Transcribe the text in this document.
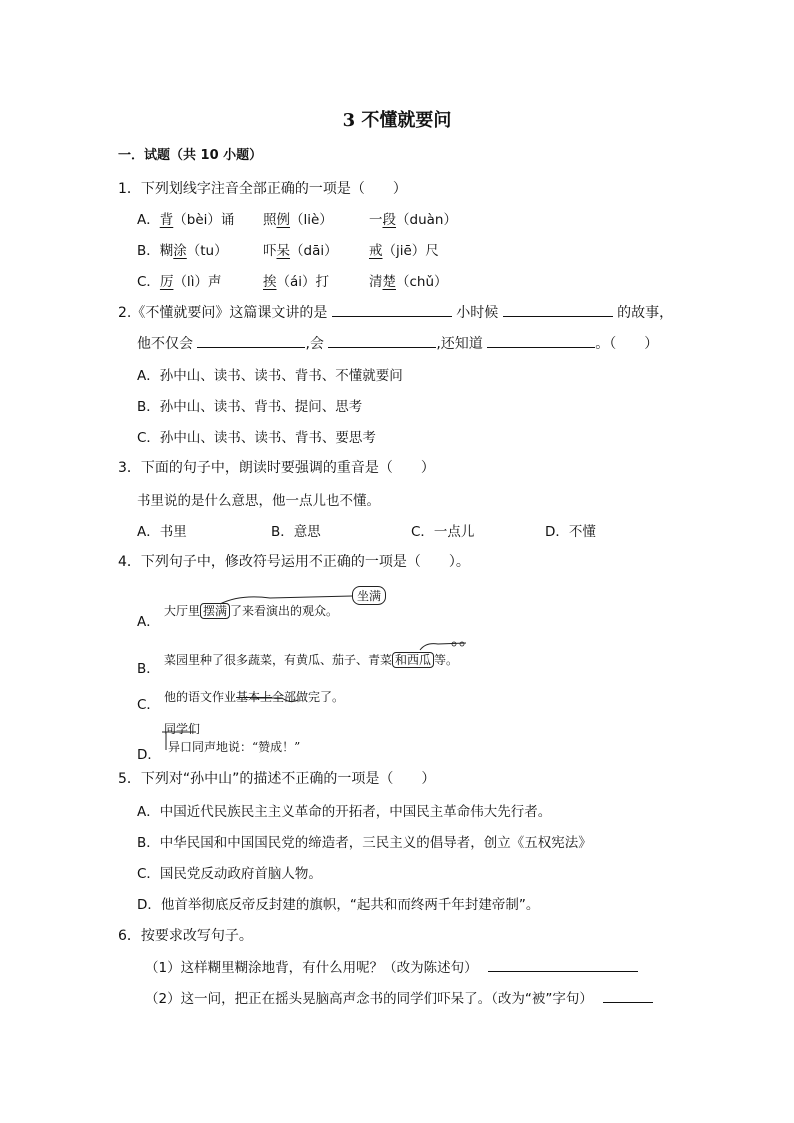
3 不懂就要问
一．试题（共 10 小题）
1．下列划线字注音全部正确的一项是（　　）
A．背（bèi）诵 照例（liè）	一段（duàn）
B．糊涂（tu）	吓呆（dāi） 戒（jiē）尺
C．厉（lì）声	挨（ái）打	清楚（chǔ）
2.《不懂就要问》这篇课文讲的是	小时候	的故事，
他不仅会	,会	,还知道	。（　　）
A．孙中山、读书、读书、背书、不懂就要问
B．孙中山、读书、背书、提问、思考
C．孙中山、读书、读书、背书、要思考
3．下面的句子中，朗读时要强调的重音是（　　）
书里说的是什么意思，他一点儿也不懂。
A．书里	B．意思	C．一点儿	D．不懂
4．下列句子中，修改符号运用不正确的一项是（　　）。
A．
大厅里 摆满 了来看演出的观众。
坐满
B．
菜园里种了很多蔬菜，有黄瓜、茄子、青菜 和西瓜 等。
C． 他的语文作业基本上全部做完了。
D．
同学们
异口同声地说：“赞成！”
5．下列对“孙中山”的描述不正确的一项是（　　）
A．中国近代民族民主主义革命的开拓者，中国民主革命伟大先行者。
B．中华民国和中国国民党的缔造者，三民主义的倡导者，创立《五权宪法》
C．国民党反动政府首脑人物。
D．他首举彻底反帝反封建的旗帜，“起共和而终两千年封建帝制”。
6．按要求改写句子。
（1）这样糊里糊涂地背，有什么用呢？（改为陈述句）
（2）这一问，把正在摇头晃脑高声念书的同学们吓呆了。（改为“被”字句）
